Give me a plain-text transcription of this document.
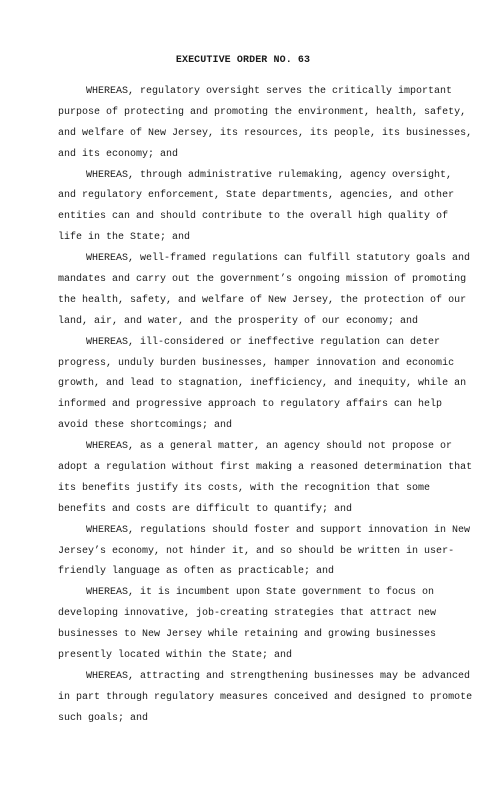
EXECUTIVE ORDER NO. 63
WHEREAS, regulatory oversight serves the critically important
purpose of protecting and promoting the environment, health, safety,
and welfare of New Jersey, its resources, its people, its businesses,
and its economy; and
WHEREAS, through administrative rulemaking, agency oversight,
and regulatory enforcement, State departments, agencies, and other
entities can and should contribute to the overall high quality of
life in the State; and
WHEREAS, well-framed regulations can fulfill statutory goals and
mandates and carry out the government’s ongoing mission of promoting
the health, safety, and welfare of New Jersey, the protection of our
land, air, and water, and the prosperity of our economy; and
WHEREAS, ill-considered or ineffective regulation can deter
progress, unduly burden businesses, hamper innovation and economic
growth, and lead to stagnation, inefficiency, and inequity, while an
informed and progressive approach to regulatory affairs can help
avoid these shortcomings; and
WHEREAS, as a general matter, an agency should not propose or
adopt a regulation without first making a reasoned determination that
its benefits justify its costs, with the recognition that some
benefits and costs are difficult to quantify; and
WHEREAS, regulations should foster and support innovation in New
Jersey’s economy, not hinder it, and so should be written in user-
friendly language as often as practicable; and
WHEREAS, it is incumbent upon State government to focus on
developing innovative, job-creating strategies that attract new
businesses to New Jersey while retaining and growing businesses
presently located within the State; and
WHEREAS, attracting and strengthening businesses may be advanced
in part through regulatory measures conceived and designed to promote
such goals; and
